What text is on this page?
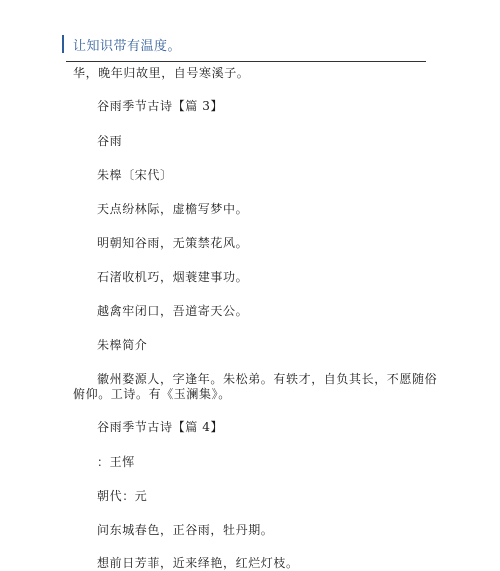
让知识带有温度。
华，晚年归故里，自号寒溪子。
谷雨季节古诗【篇 3】
谷雨
朱槔〔宋代〕
天点纷林际，虚檐写梦中。
明朝知谷雨，无策禁花风。
石渚收机巧，烟蓑建事功。
越禽牢闭口，吾道寄天公。
朱槔简介
徽州婺源人，字逢年。朱松弟。有轶才，自负其长，不愿随俗
俯仰。工诗。有《玉澜集》。
谷雨季节古诗【篇 4】
：王恽
朝代：元
问东城春色，正谷雨，牡丹期。
想前日芳菲，近来绎艳，红烂灯枝。
